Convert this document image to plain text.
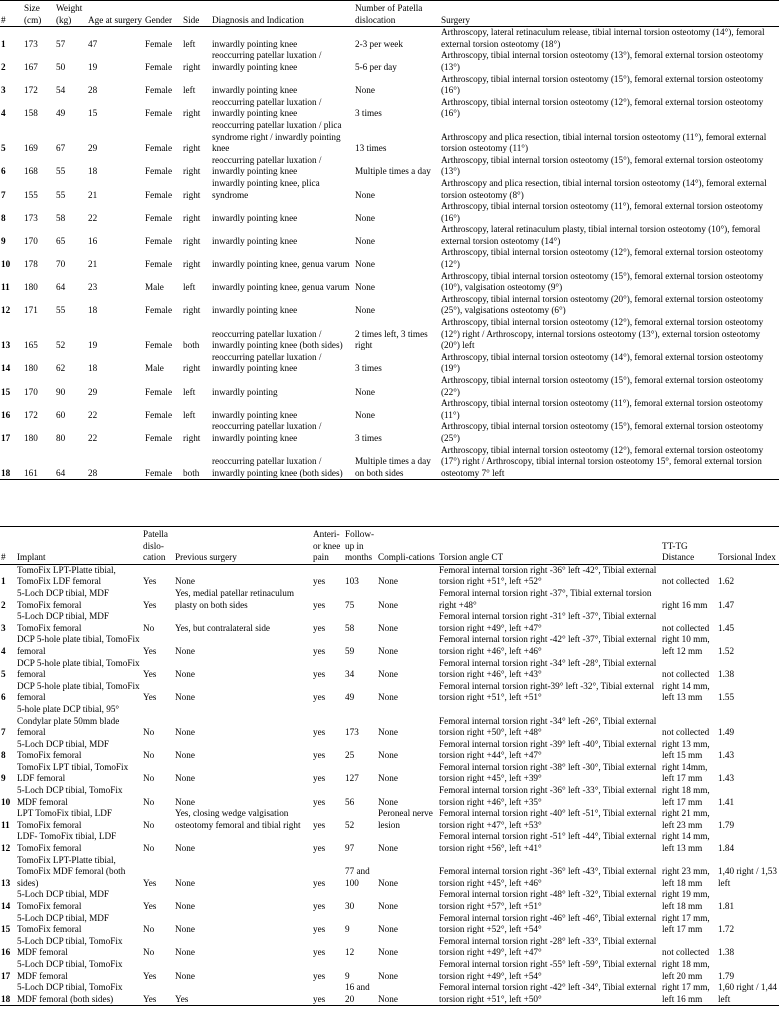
#	Size (cm)	Weight (kg)	Age at surgery	Gender	Side	Diagnosis and Indication	Number of Patella dislocation	Surgery
1	173	57	47	Female	left	inwardly pointing knee	2-3 per week	Arthroscopy, lateral retinaculum release, tibial internal torsion osteotomy (14°), femoral external torsion osteotomy (18°)
2	167	50	19	Female	right	reoccurring patellar luxation / inwardly pointing knee	5-6 per day	Arthroscopy, tibial internal torsion osteotomy (13°), femoral external torsion osteotomy (13°)
3	172	54	28	Female	left	inwardly pointing knee	None	Arthroscopy, tibial internal torsion osteotomy (15°), femoral external torsion osteotomy (16°)
4	158	49	15	Female	right	reoccurring patellar luxation / inwardly pointing knee	3 times	Arthroscopy, tibial internal torsion osteotomy (12°), femoral external torsion osteotomy (16°)
5	169	67	29	Female	right	reoccurring patellar luxation / plica syndrome right / inwardly pointing knee	13 times	Arthroscopy and plica resection, tibial internal torsion osteotomy (11°), femoral external torsion osteotomy (11°)
6	168	55	18	Female	right	reoccurring patellar luxation / inwardly pointing knee	Multiple times a day	Arthroscopy, tibial internal torsion osteotomy (15°), femoral external torsion osteotomy (13°)
7	155	55	21	Female	right	inwardly pointing knee, plica syndrome	None	Arthroscopy and plica resection, tibial internal torsion osteotomy (14°), femoral external torsion osteotomy (8°)
8	173	58	22	Female	right	inwardly pointing knee	None	Arthroscopy, tibial internal torsion osteotomy (11°), femoral external torsion osteotomy (16°)
9	170	65	16	Female	right	inwardly pointing knee	None	Arthroscopy, lateral retinaculum plasty, tibial internal torsion osteotomy (10°), femoral external torsion osteotomy (14°)
10	178	70	21	Female	right	inwardly pointing knee, genua varum	None	Arthroscopy, tibial internal torsion osteotomy (12°), femoral external torsion osteotomy (12°)
11	180	64	23	Male	left	inwardly pointing knee, genua varum	None	Arthroscopy, tibial internal torsion osteotomy (15°), femoral external torsion osteotomy (10°), valgisation osteotomy (9°)
12	171	55	18	Female	right	inwardly pointing knee	None	Arthroscopy, tibial internal torsion osteotomy (20°), femoral external torsion osteotomy (25°), valgisations osteotomy (6°)
13	165	52	19	Female	both	reoccurring patellar luxation / inwardly pointing knee (both sides)	2 times left, 3 times right	Arthroscopy, tibial internal torsion osteotomy (12°), femoral external torsion osteotomy (12°) right / Arthroscopy, internal torsions osteotomy (13°), external torsion osteotomy (20°) left
14	180	62	18	Male	right	reoccurring patellar luxation / inwardly pointing knee	3 times	Arthroscopy, tibial internal torsion osteotomy (14°), femoral external torsion osteotomy (19°)
15	170	90	29	Female	left	inwardly pointing	None	Arthroscopy, tibial internal torsion osteotomy (15°), femoral external torsion osteotomy (22°)
16	172	60	22	Female	left	inwardly pointing knee	None	Arthroscopy, tibial internal torsion osteotomy (11°), femoral external torsion osteotomy (11°)
17	180	80	22	Female	right	reoccurring patellar luxation / inwardly pointing knee	3 times	Arthroscopy, tibial internal torsion osteotomy (15°), femoral external torsion osteotomy (25°)
18	161	64	28	Female	both	reoccurring patellar luxation / inwardly pointing knee (both sides)	Multiple times a day on both sides	Arthroscopy, tibial internal torsion osteotomy (12°), femoral external torsion osteotomy (17°) right / Arthroscopy, tibial internal torsion osteotomy 15°, femoral external torsion osteotomy 7° left

#	Implant	Patella dislo-cation	Previous surgery	Anteri-or knee pain	Follow-up in months	Compli-cations	Torsion angle CT	TT-TG Distance	Torsional Index
1	TomoFix LPT-Platte tibial, TomoFix LDF femoral	Yes	None	yes	103	None	Femoral internal torsion right -36° left -42°, Tibial external torsion right +51°, left +52°	not collected	1.62
2	5-Loch DCP tibial, MDF TomoFix femoral	Yes	Yes, medial patellar retinaculum plasty on both sides	yes	75	None	Femoral internal torsion right -37°, Tibial external torsion right +48°	right 16 mm	1.47
3	5-Loch DCP tibial, MDF TomoFix femoral	No	Yes, but contralateral side	yes	58	None	Femoral internal torsion right -31° left -37°, Tibial external torsion right +49°, left +47°	not collected	1.45
4	DCP 5-hole plate tibial, TomoFix femoral	Yes	None	yes	59	None	Femoral internal torsion right -42° left -37°, Tibial external torsion right +46°, left +46°	right 10 mm, left 12 mm	1.52
5	DCP 5-hole plate tibial, TomoFix femoral	Yes	None	yes	34	None	Femoral internal torsion right -34° left -28°, Tibial external torsion right +46°, left +43°	not collected	1.38
6	DCP 5-hole plate tibial, TomoFix femoral	Yes	None	yes	49	None	Femoral internal torsion right-39° left -32°, Tibial external torsion right +51°, left +51°	right 14 mm, left 13 mm	1.55
7	5-hole plate DCP tibial, 95° Condylar plate 50mm blade femoral	No	None	yes	173	None	Femoral internal torsion right -34° left -26°, Tibial external torsion right +50°, left +48°	not collected	1.49
8	5-Loch DCP tibial, MDF TomoFix femoral	No	None	yes	25	None	Femoral internal torsion right -39° left -40°, Tibial external torsion right +44°, left +47°	right 13 mm, left 15 mm	1.43
9	TomoFix LPT tibial, TomoFix LDF femoral	No	None	yes	127	None	Femoral internal torsion right -38° left -30°, Tibial external torsion right +45°, left +39°	right 14mm, left 17 mm	1.43
10	5-Loch DCP tibial, TomoFix MDF femoral	No	None	yes	56	None	Femoral internal torsion right -36° left -33°, Tibial external torsion right +46°, left +35°	right 18 mm, left 17 mm	1.41
11	LPT TomoFix tibial, LDF TomoFix femoral	No	Yes, closing wedge valgisation osteotomy femoral and tibial right	yes	52	Peroneal nerve lesion	Femoral internal torsion right -40° left -51°, Tibial external torsion right +47°, left +53°	right 21 mm, left 23 mm	1.79
12	LDF- TomoFix tibial, LDF TomoFix femoral	No	None	yes	97	None	Femoral internal torsion right -51° left -44°, Tibial external torsion right +56°, left +41°	right 14 mm, left 13 mm	1.84
13	TomoFix LPT-Platte tibial, TomoFix MDF femoral (both sides)	Yes	None	yes	77 and 100	None	Femoral internal torsion right -36° left -43°, Tibial external torsion right +45°, left +46°	right 23 mm, left 18 mm	1,40 right / 1,53 left
14	5-Loch DCP tibial, MDF TomoFix femoral	Yes	None	yes	30	None	Femoral internal torsion right -48° left -32°, Tibial external torsion right +57°, left +51°	right 19 mm, left 18 mm	1.81
15	5-Loch DCP tibial, MDF TomoFix femoral	No	None	yes	9	None	Femoral internal torsion right -46° left -46°, Tibial external torsion right +52°, left +54°	right 17 mm, left 17 mm	1.72
16	5-Loch DCP tibial, TomoFix MDF femoral	No	None	yes	12	None	Femoral internal torsion right -28° left -33°, Tibial external torsion right +49°, left +47°	not collected	1.38
17	5-Loch DCP tibial, TomoFix MDF femoral	Yes	None	yes	9	None	Femoral internal torsion right -55° left -59°, Tibial external torsion right +49°, left +54°	right 18 mm, left 20 mm	1.79
18	5-Loch DCP tibial, TomoFix MDF femoral (both sides)	Yes	Yes	yes	16 and 20	None	Femoral internal torsion right -42° left -34°, Tibial external torsion right +51°, left +50°	right 17 mm, left 16 mm	1,60 right / 1,44 left
